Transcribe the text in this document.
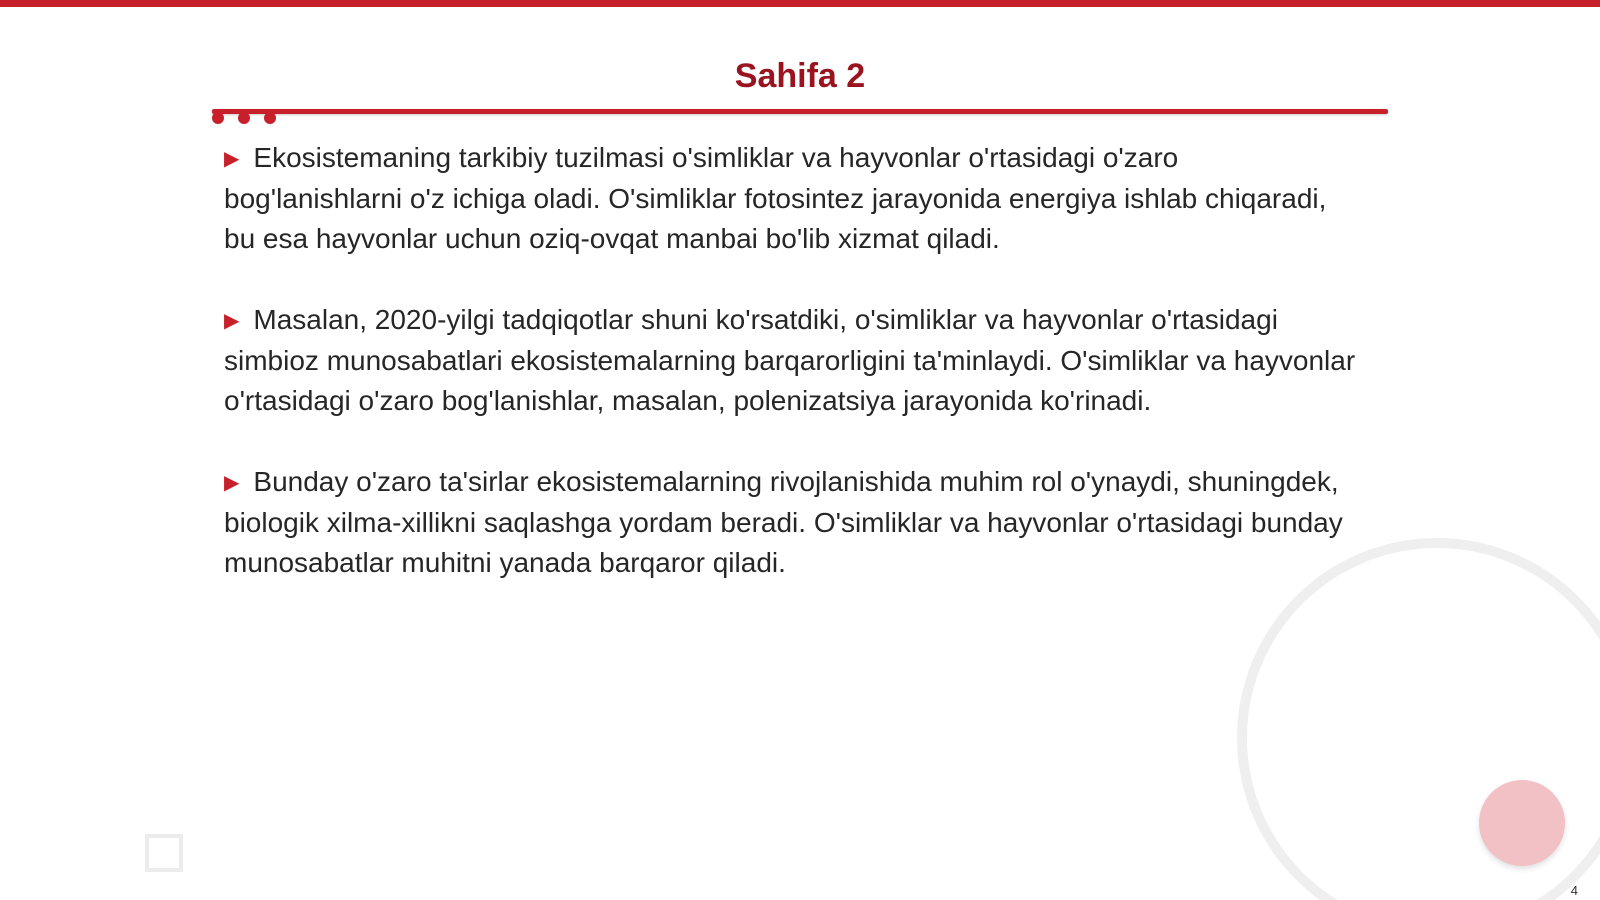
Sahifa 2

▶ Ekosistemaning tarkibiy tuzilmasi o'simliklar va hayvonlar o'rtasidagi o'zaro bog'lanishlarni o'z ichiga oladi. O'simliklar fotosintez jarayonida energiya ishlab chiqaradi, bu esa hayvonlar uchun oziq-ovqat manbai bo'lib xizmat qiladi.

▶ Masalan, 2020-yilgi tadqiqotlar shuni ko'rsatdiki, o'simliklar va hayvonlar o'rtasidagi simbioz munosabatlari ekosistemalarning barqarorligini ta'minlaydi. O'simliklar va hayvonlar o'rtasidagi o'zaro bog'lanishlar, masalan, polenizatsiya jarayonida ko'rinadi.

▶ Bunday o'zaro ta'sirlar ekosistemalarning rivojlanishida muhim rol o'ynaydi, shuningdek, biologik xilma-xillikni saqlashga yordam beradi. O'simliklar va hayvonlar o'rtasidagi bunday munosabatlar muhitni yanada barqaror qiladi.

4
